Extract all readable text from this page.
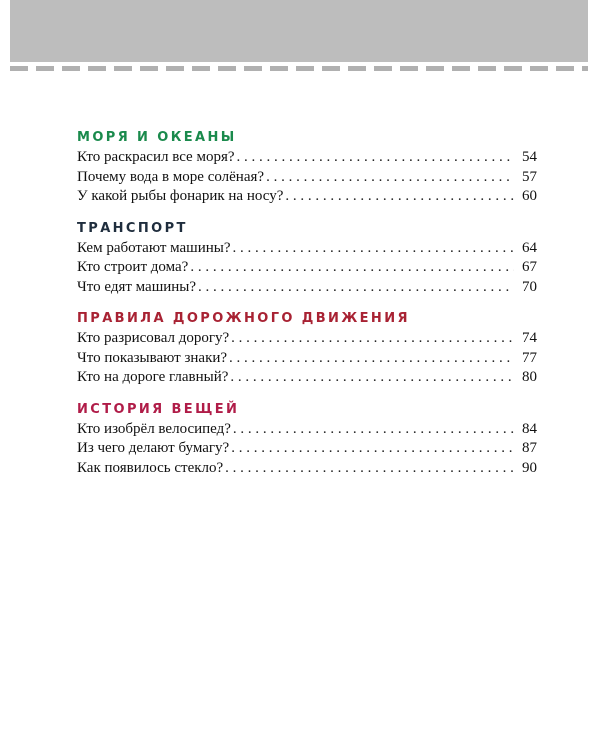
МОРЯ И ОКЕАНЫ
Кто раскрасил все моря? . . .	54
Почему вода в море солёная? . . .	57
У какой рыбы фонарик на носу? . . .	60
ТРАНСПОРТ
Кем работают машины? . . .	64
Кто строит дома? . . .	67
Что едят машины? . . .	70
ПРАВИЛА ДОРОЖНОГО ДВИЖЕНИЯ
Кто разрисовал дорогу? . . .	74
Что показывают знаки? . . .	77
Кто на дороге главный? . . .	80
ИСТОРИЯ ВЕЩЕЙ
Кто изобрёл велосипед? . . .	84
Из чего делают бумагу? . . .	87
Как появилось стекло? . . .	90
